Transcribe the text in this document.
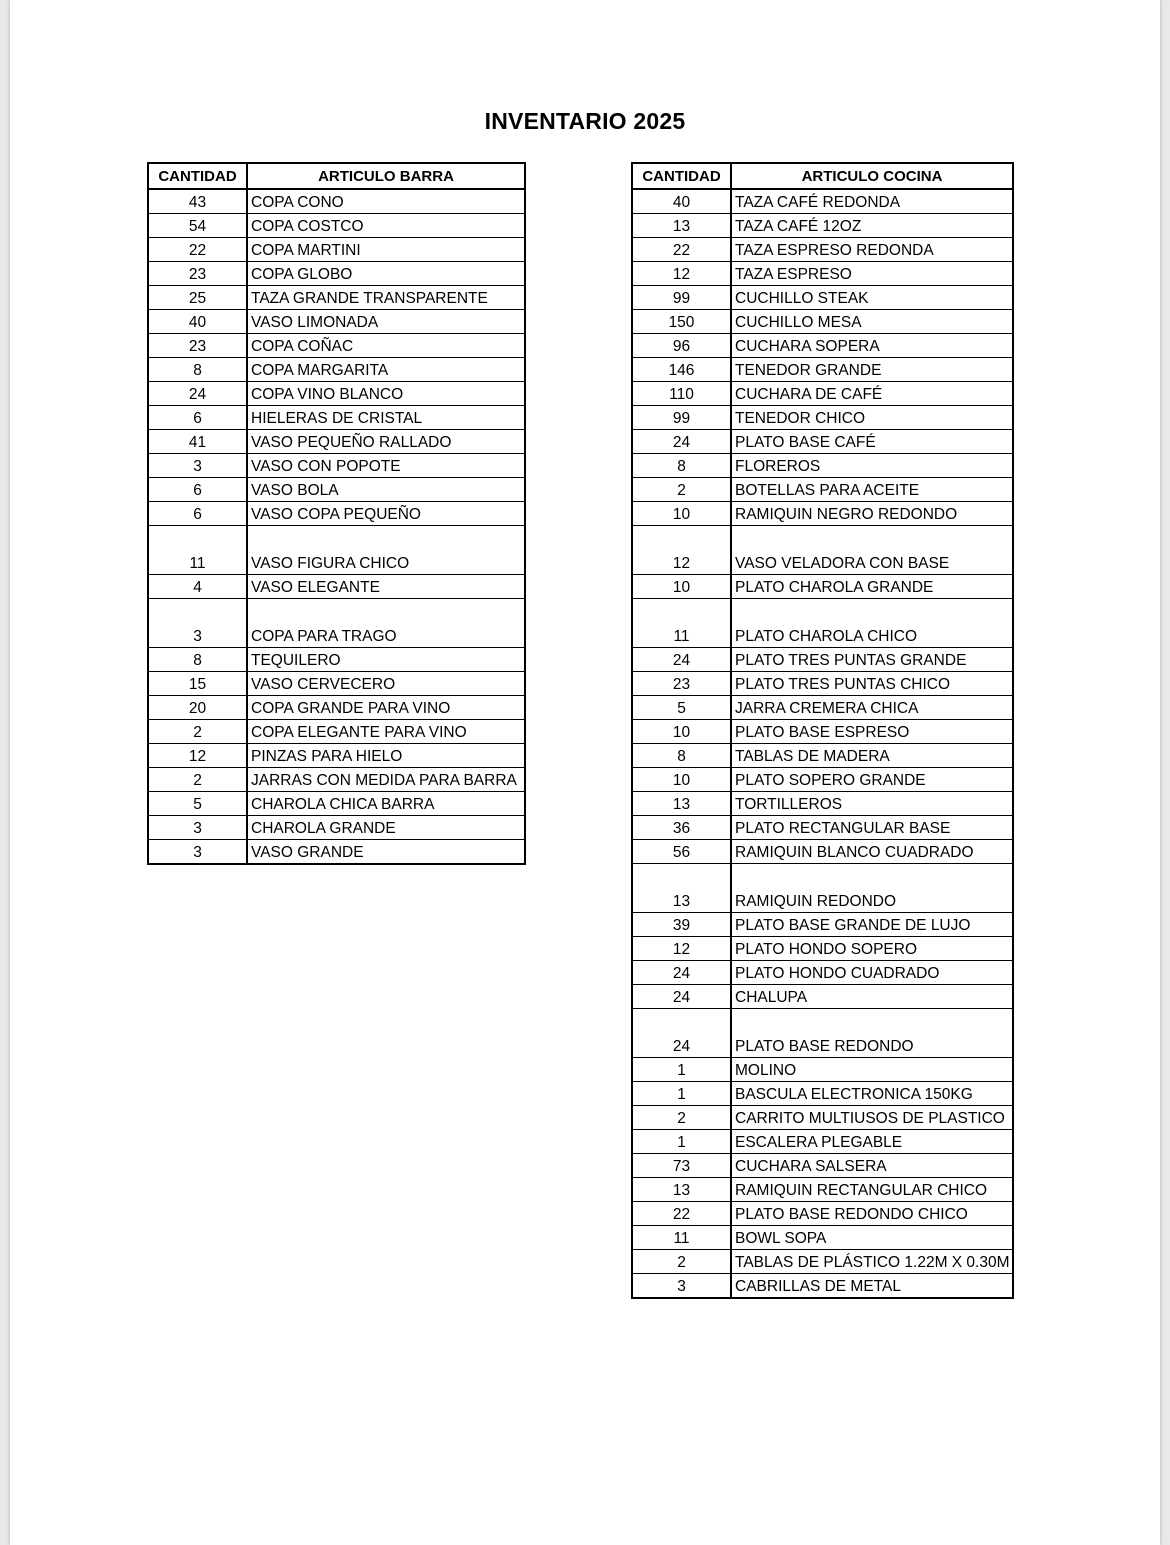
INVENTARIO 2025
CANTIDAD	ARTICULO BARRA
43	COPA CONO
54	COPA COSTCO
22	COPA MARTINI
23	COPA GLOBO
25	TAZA GRANDE TRANSPARENTE
40	VASO LIMONADA
23	COPA COÑAC
8	COPA MARGARITA
24	COPA VINO BLANCO
6	HIELERAS DE CRISTAL
41	VASO PEQUEÑO RALLADO
3	VASO CON POPOTE
6	VASO BOLA
6	VASO COPA PEQUEÑO
11	VASO FIGURA CHICO
4	VASO ELEGANTE
3	COPA PARA TRAGO
8	TEQUILERO
15	VASO CERVECERO
20	COPA GRANDE PARA VINO
2	COPA ELEGANTE PARA VINO
12	PINZAS PARA HIELO
2	JARRAS CON MEDIDA PARA BARRA
5	CHAROLA CHICA BARRA
3	CHAROLA GRANDE
3	VASO GRANDE
CANTIDAD	ARTICULO COCINA
40	TAZA CAFÉ REDONDA
13	TAZA CAFÉ 12OZ
22	TAZA ESPRESO REDONDA
12	TAZA ESPRESO
99	CUCHILLO STEAK
150	CUCHILLO MESA
96	CUCHARA SOPERA
146	TENEDOR GRANDE
110	CUCHARA DE CAFÉ
99	TENEDOR CHICO
24	PLATO BASE CAFÉ
8	FLOREROS
2	BOTELLAS PARA ACEITE
10	RAMIQUIN NEGRO REDONDO
12	VASO VELADORA CON BASE
10	PLATO CHAROLA GRANDE
11	PLATO CHAROLA CHICO
24	PLATO TRES PUNTAS GRANDE
23	PLATO TRES PUNTAS CHICO
5	JARRA CREMERA CHICA
10	PLATO BASE ESPRESO
8	TABLAS DE MADERA
10	PLATO SOPERO GRANDE
13	TORTILLEROS
36	PLATO RECTANGULAR BASE
56	RAMIQUIN BLANCO CUADRADO
13	RAMIQUIN REDONDO
39	PLATO BASE GRANDE DE LUJO
12	PLATO HONDO SOPERO
24	PLATO HONDO CUADRADO
24	CHALUPA
24	PLATO BASE REDONDO
1	MOLINO
1	BASCULA ELECTRONICA 150KG
2	CARRITO MULTIUSOS DE PLASTICO
1	ESCALERA PLEGABLE
73	CUCHARA SALSERA
13	RAMIQUIN RECTANGULAR CHICO
22	PLATO BASE REDONDO CHICO
11	BOWL SOPA
2	TABLAS DE PLÁSTICO 1.22M X 0.30M
3	CABRILLAS DE METAL
